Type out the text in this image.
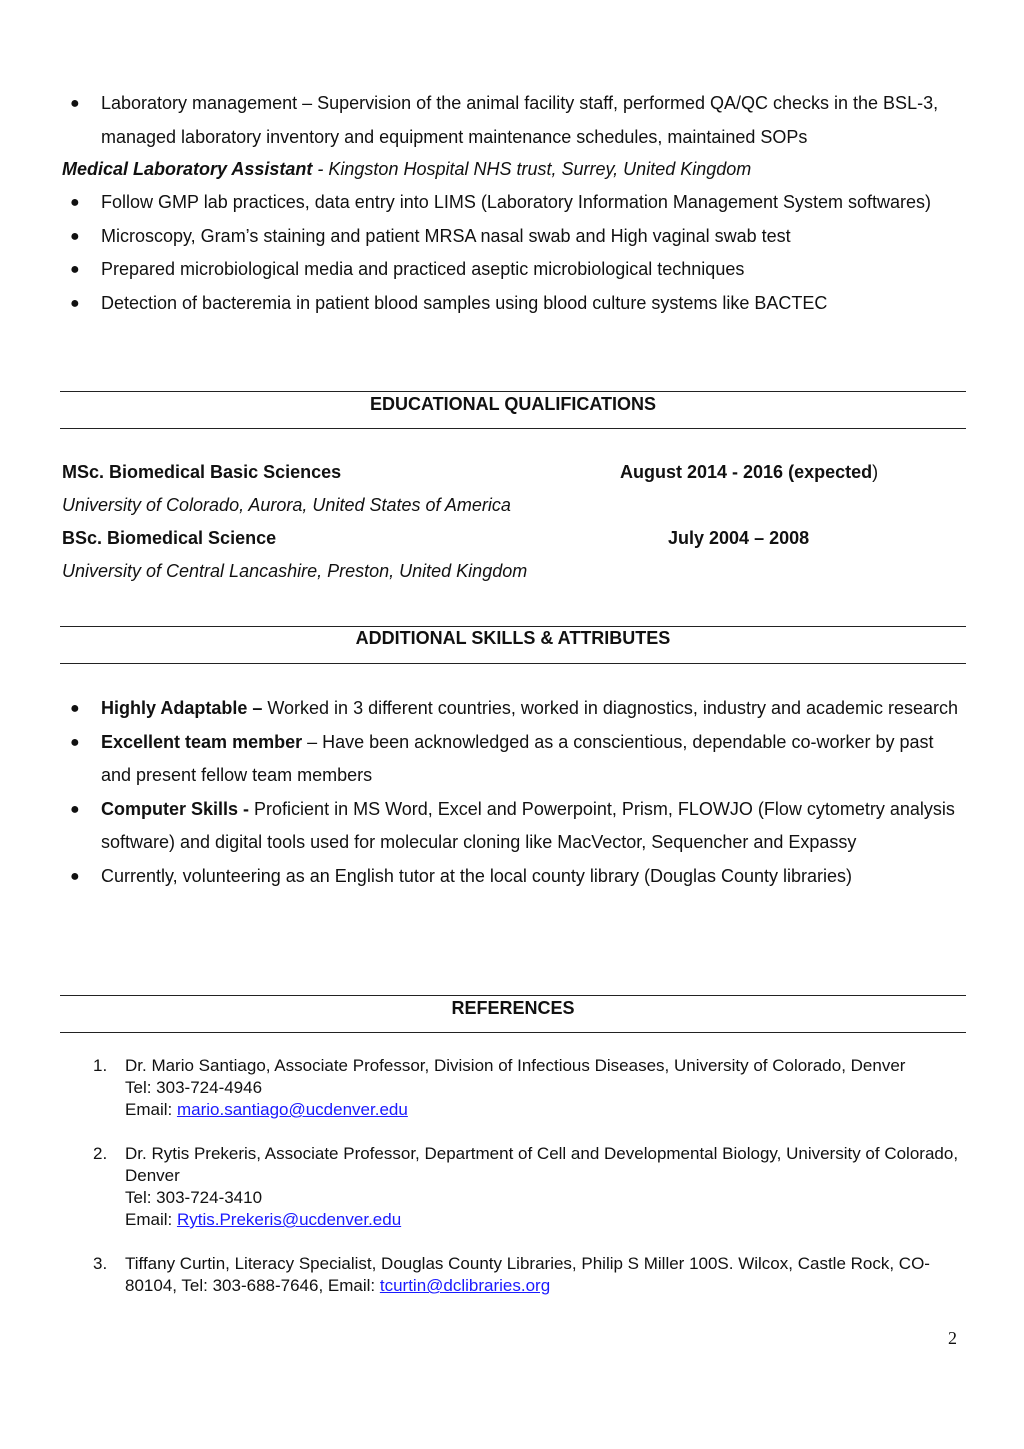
● Laboratory management – Supervision of the animal facility staff, performed QA/QC checks in the BSL-3, managed laboratory inventory and equipment maintenance schedules, maintained SOPs
Medical Laboratory Assistant - Kingston Hospital NHS trust, Surrey, United Kingdom
● Follow GMP lab practices, data entry into LIMS (Laboratory Information Management System softwares)
● Microscopy, Gram’s staining and patient MRSA nasal swab and High vaginal swab test
● Prepared microbiological media and practiced aseptic microbiological techniques
● Detection of bacteremia in patient blood samples using blood culture systems like BACTEC
EDUCATIONAL QUALIFICATIONS
MSc. Biomedical Basic Sciences	August 2014 - 2016 (expected)
University of Colorado, Aurora, United States of America
BSc. Biomedical Science	July 2004 – 2008
University of Central Lancashire, Preston, United Kingdom
ADDITIONAL SKILLS & ATTRIBUTES
● Highly Adaptable – Worked in 3 different countries, worked in diagnostics, industry and academic research
● Excellent team member – Have been acknowledged as a conscientious, dependable co-worker by past and present fellow team members
● Computer Skills - Proficient in MS Word, Excel and Powerpoint, Prism, FLOWJO (Flow cytometry analysis software) and digital tools used for molecular cloning like MacVector, Sequencher and Expassy
● Currently, volunteering as an English tutor at the local county library (Douglas County libraries)
REFERENCES
1. Dr. Mario Santiago, Associate Professor, Division of Infectious Diseases, University of Colorado, Denver
Tel: 303-724-4946
Email: mario.santiago@ucdenver.edu
2. Dr. Rytis Prekeris, Associate Professor, Department of Cell and Developmental Biology, University of Colorado, Denver
Tel: 303-724-3410
Email: Rytis.Prekeris@ucdenver.edu
3. Tiffany Curtin, Literacy Specialist, Douglas County Libraries, Philip S Miller 100S. Wilcox, Castle Rock, CO-80104, Tel: 303-688-7646, Email: tcurtin@dclibraries.org
2
